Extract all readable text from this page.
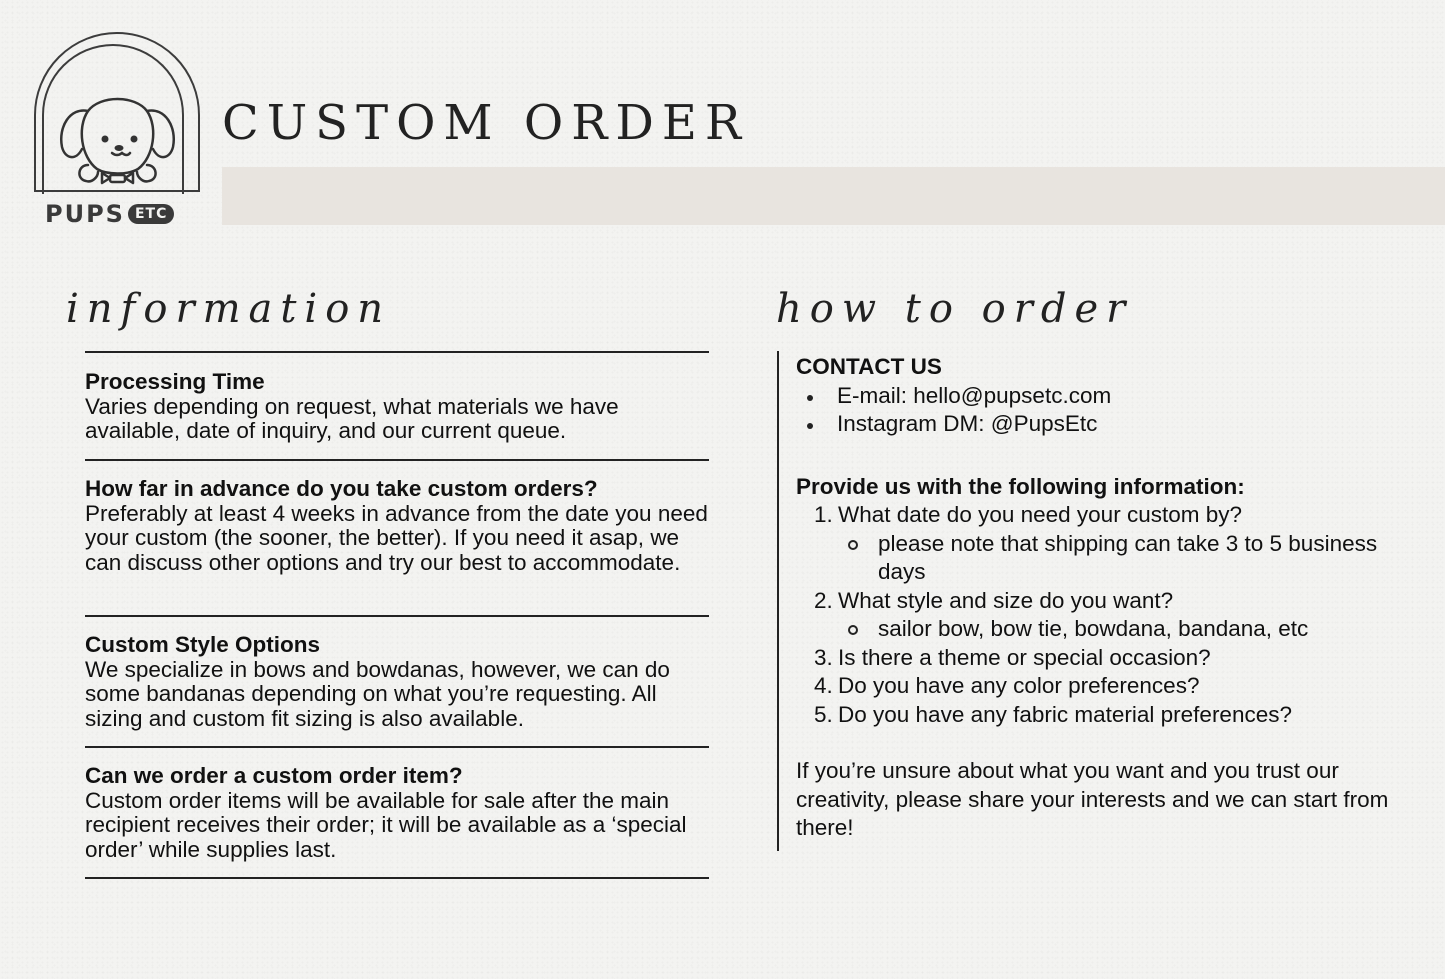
PUPS ETC
CUSTOM ORDER
information	how to order
Processing Time
Varies depending on request, what materials we have available, date of inquiry, and our current queue.
How far in advance do you take custom orders?
Preferably at least 4 weeks in advance from the date you need your custom (the sooner, the better). If you need it asap, we can discuss other options and try our best to accommodate.
Custom Style Options
We specialize in bows and bowdanas, however, we can do some bandanas depending on what you’re requesting. All sizing and custom fit sizing is also available.
Can we order a custom order item?
Custom order items will be available for sale after the main recipient receives their order; it will be available as a ‘special order’ while supplies last.
CONTACT US
E-mail: hello@pupsetc.com
Instagram DM: @PupsEtc
Provide us with the following information:
1. What date do you need your custom by?
please note that shipping can take 3 to 5 business days
2. What style and size do you want?
sailor bow, bow tie, bowdana, bandana, etc
3. Is there a theme or special occasion?
4. Do you have any color preferences?
5. Do you have any fabric material preferences?
If you’re unsure about what you want and you trust our creativity, please share your interests and we can start from there!
